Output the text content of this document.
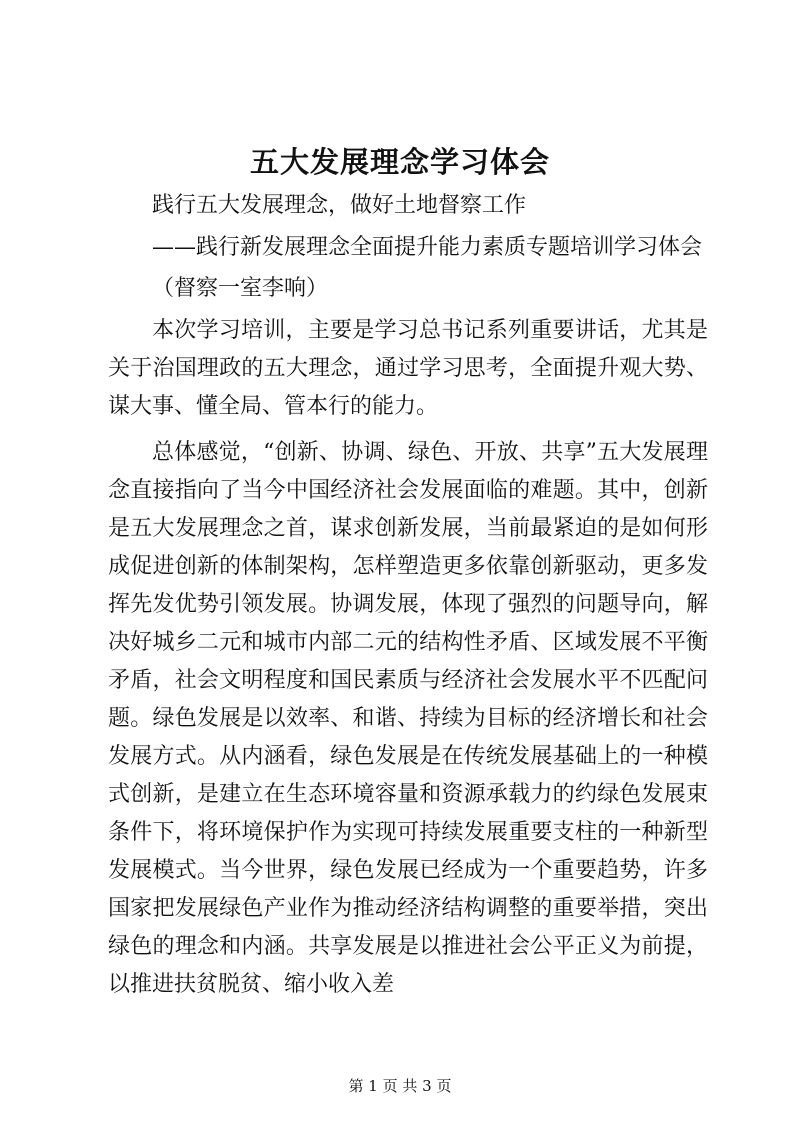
五大发展理念学习体会

践行五大发展理念，做好土地督察工作

——践行新发展理念全面提升能力素质专题培训学习体会

（督察一室李响）

本次学习培训，主要是学习总书记系列重要讲话，尤其是关于治国理政的五大理念，通过学习思考，全面提升观大势、谋大事、懂全局、管本行的能力。

总体感觉，“创新、协调、绿色、开放、共享”五大发展理念直接指向了当今中国经济社会发展面临的难题。其中，创新是五大发展理念之首，谋求创新发展，当前最紧迫的是如何形成促进创新的体制架构，怎样塑造更多依靠创新驱动，更多发挥先发优势引领发展。协调发展，体现了强烈的问题导向，解决好城乡二元和城市内部二元的结构性矛盾、区域发展不平衡矛盾，社会文明程度和国民素质与经济社会发展水平不匹配问题。绿色发展是以效率、和谐、持续为目标的经济增长和社会发展方式。从内涵看，绿色发展是在传统发展基础上的一种模式创新，是建立在生态环境容量和资源承载力的约绿色发展束条件下，将环境保护作为实现可持续发展重要支柱的一种新型发展模式。当今世界，绿色发展已经成为一个重要趋势，许多国家把发展绿色产业作为推动经济结构调整的重要举措，突出绿色的理念和内涵。共享发展是以推进社会公平正义为前提，以推进扶贫脱贫、缩小收入差

第 1 页 共 3 页
